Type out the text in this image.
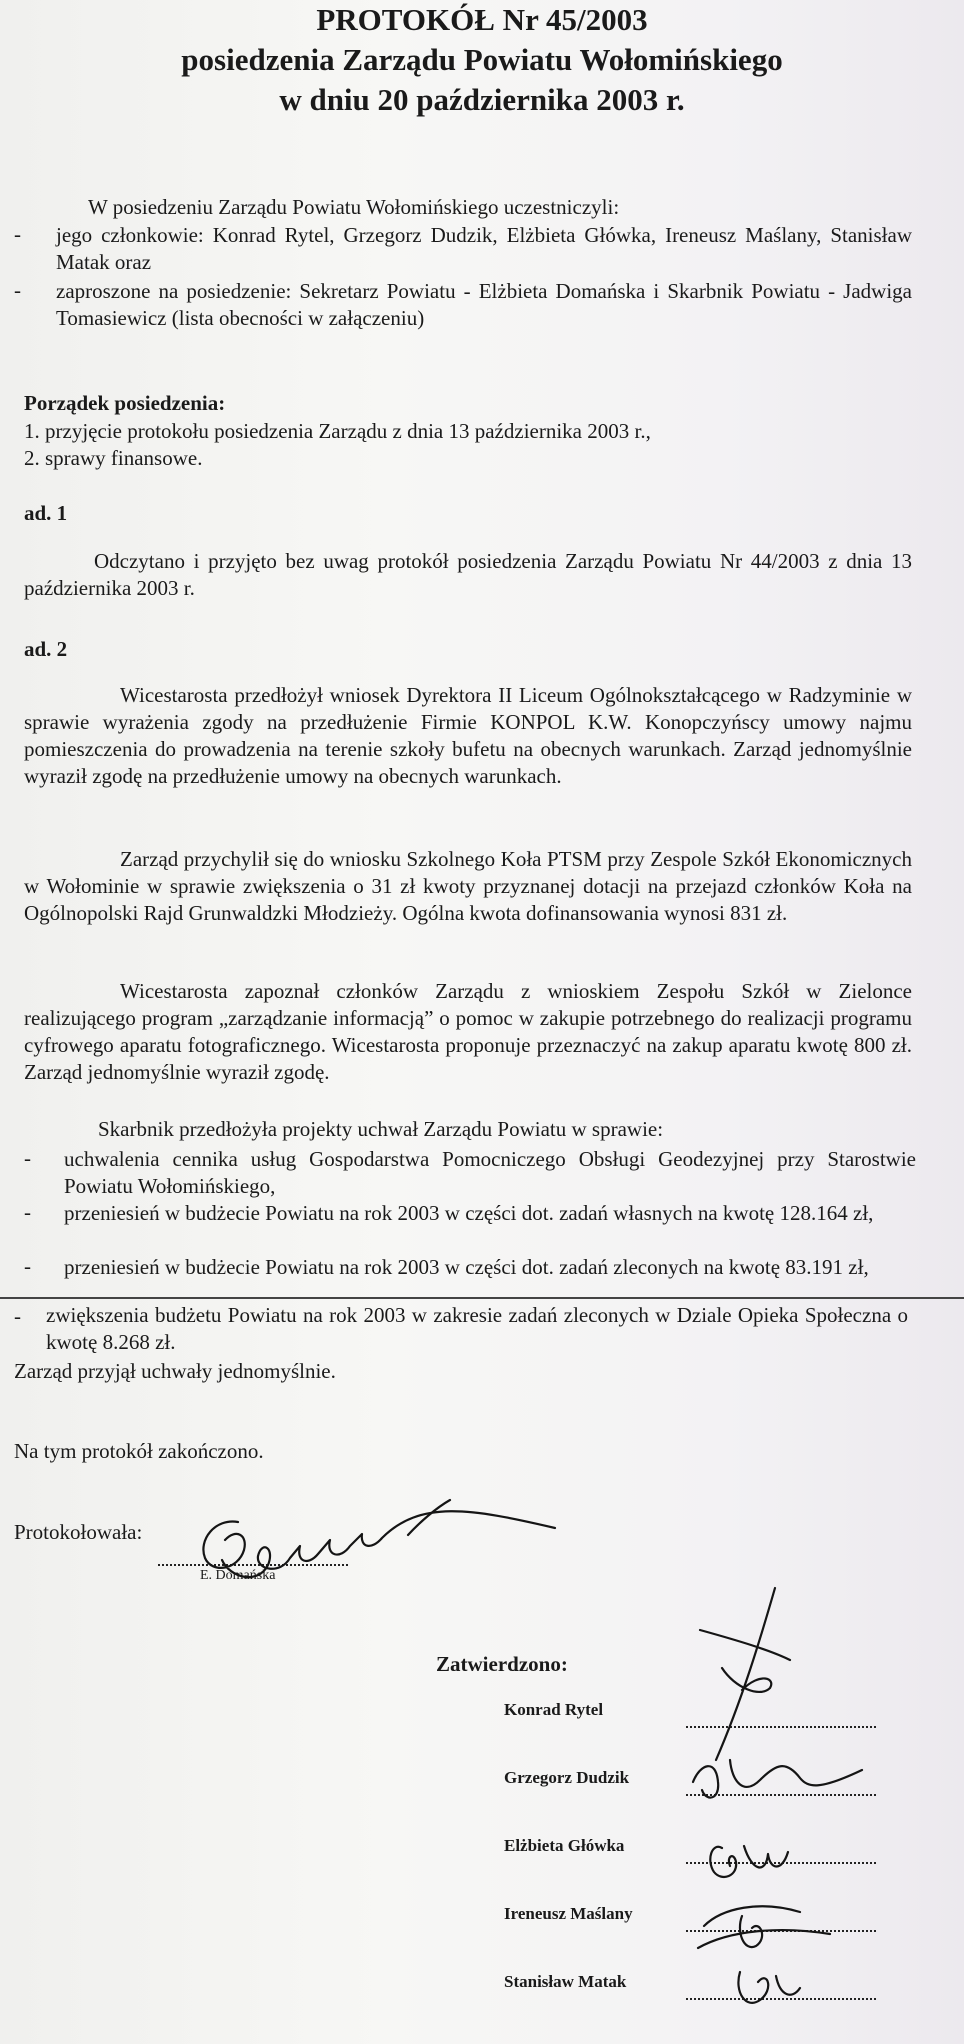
PROTOKÓŁ Nr 45/2003
posiedzenia Zarządu Powiatu Wołomińskiego
w dniu 20 października 2003 r.
W posiedzeniu Zarządu Powiatu Wołomińskiego uczestniczyli:
- jego członkowie: Konrad Rytel, Grzegorz Dudzik, Elżbieta Główka, Ireneusz Maślany, Stanisław Matak oraz
- zaproszone na posiedzenie: Sekretarz Powiatu - Elżbieta Domańska i Skarbnik Powiatu - Jadwiga Tomasiewicz (lista obecności w załączeniu)
Porządek posiedzenia:
1. przyjęcie protokołu posiedzenia Zarządu z dnia 13 października 2003 r.,
2. sprawy finansowe.
ad. 1
Odczytano i przyjęto bez uwag protokół posiedzenia Zarządu Powiatu Nr 44/2003 z dnia 13 października 2003 r.
ad. 2
Wicestarosta przedłożył wniosek Dyrektora II Liceum Ogólnokształcącego w Radzyminie w sprawie wyrażenia zgody na przedłużenie Firmie KONPOL K.W. Konopczyńscy umowy najmu pomieszczenia do prowadzenia na terenie szkoły bufetu na obecnych warunkach. Zarząd jednomyślnie wyraził zgodę na przedłużenie umowy na obecnych warunkach.
Zarząd przychylił się do wniosku Szkolnego Koła PTSM przy Zespole Szkół Ekonomicznych w Wołominie w sprawie zwiększenia o 31 zł kwoty przyznanej dotacji na przejazd członków Koła na Ogólnopolski Rajd Grunwaldzki Młodzieży. Ogólna kwota dofinansowania wynosi 831 zł.
Wicestarosta zapoznał członków Zarządu z wnioskiem Zespołu Szkół w Zielonce realizującego program „zarządzanie informacją” o pomoc w zakupie potrzebnego do realizacji programu cyfrowego aparatu fotograficznego. Wicestarosta proponuje przeznaczyć na zakup aparatu kwotę 800 zł. Zarząd jednomyślnie wyraził zgodę.
Skarbnik przedłożyła projekty uchwał Zarządu Powiatu w sprawie:
- uchwalenia cennika usług Gospodarstwa Pomocniczego Obsługi Geodezyjnej przy Starostwie Powiatu Wołomińskiego,
- przeniesień w budżecie Powiatu na rok 2003 w części dot. zadań własnych na kwotę 128.164 zł,
- przeniesień w budżecie Powiatu na rok 2003 w części dot. zadań zleconych na kwotę 83.191 zł,
- zwiększenia budżetu Powiatu na rok 2003 w zakresie zadań zleconych w Dziale Opieka Społeczna o kwotę 8.268 zł.
Zarząd przyjął uchwały jednomyślnie.
Na tym protokół zakończono.
Protokołowała:
E. Domańska
Zatwierdzono:
Konrad Rytel
Grzegorz Dudzik
Elżbieta Główka
Ireneusz Maślany
Stanisław Matak
